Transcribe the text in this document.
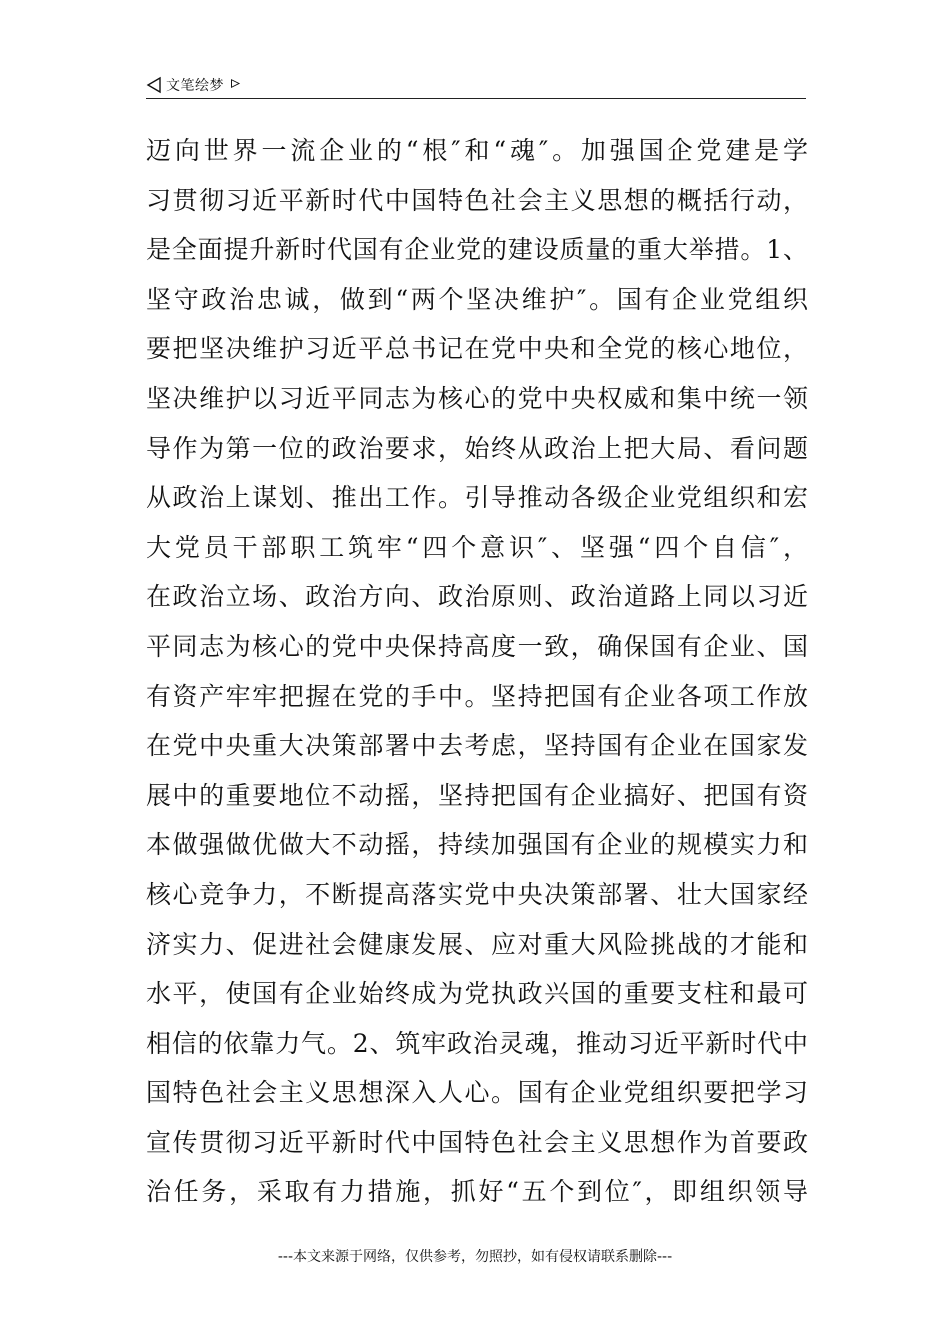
文笔绘梦
迈向世界一流企业的“根″和“魂″。加强国企党建是学
习贯彻习近平新时代中国特色社会主义思想的概括行动，
是全面提升新时代国有企业党的建设质量的重大举措。1、
坚守政治忠诚，做到“两个坚决维护″。国有企业党组织
要把坚决维护习近平总书记在党中央和全党的核心地位，
坚决维护以习近平同志为核心的党中央权威和集中统一领
导作为第一位的政治要求，始终从政治上把大局、看问题
从政治上谋划、推出工作。引导推动各级企业党组织和宏
大党员干部职工筑牢“四个意识″、坚强“四个自信″，
在政治立场、政治方向、政治原则、政治道路上同以习近
平同志为核心的党中央保持高度一致，确保国有企业、国
有资产牢牢把握在党的手中。坚持把国有企业各项工作放
在党中央重大决策部署中去考虑，坚持国有企业在国家发
展中的重要地位不动摇，坚持把国有企业搞好、把国有资
本做强做优做大不动摇，持续加强国有企业的规模实力和
核心竞争力，不断提高落实党中央决策部署、壮大国家经
济实力、促进社会健康发展、应对重大风险挑战的才能和
水平，使国有企业始终成为党执政兴国的重要支柱和最可
相信的依靠力气。2、筑牢政治灵魂，推动习近平新时代中
国特色社会主义思想深入人心。国有企业党组织要把学习
宣传贯彻习近平新时代中国特色社会主义思想作为首要政
治任务，采取有力措施，抓好“五个到位″，即组织领导
---本文来源于网络，仅供参考，勿照抄，如有侵权请联系删除---
